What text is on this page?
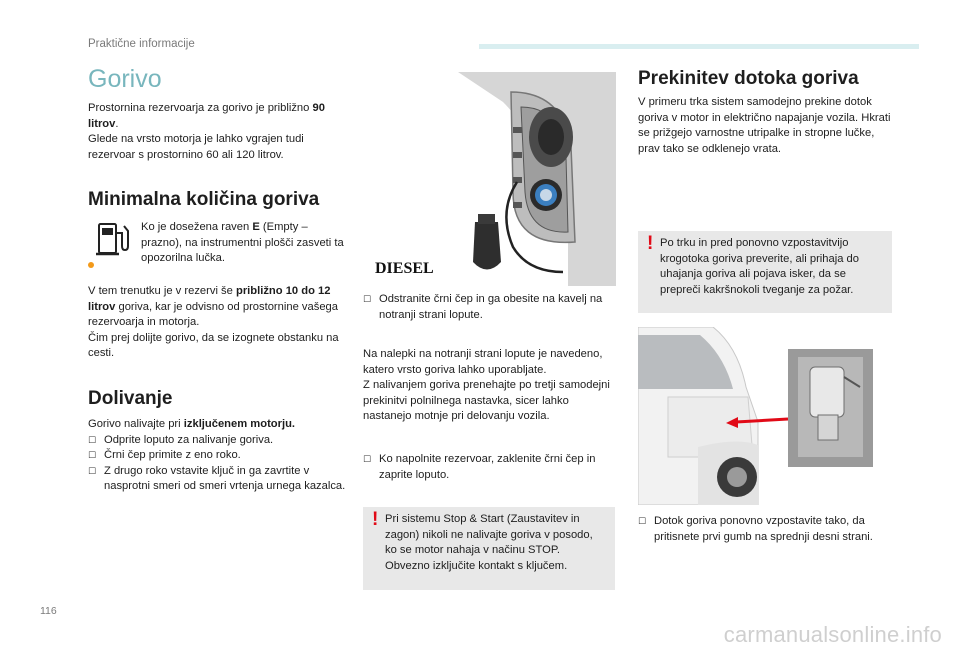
Praktične informacije
Gorivo

Prostornina rezervoarja za gorivo je približno 90 litrov.
Glede na vrsto motorja je lahko vgrajen tudi rezervoar s prostornino 60 ali 120 litrov.

Minimalna količina goriva

Ko je dosežena raven E (Empty – prazno), na instrumentni plošči zasveti ta opozorilna lučka.

V tem trenutku je v rezervi še približno 10 do 12 litrov goriva, kar je odvisno od prostornine vašega rezervoarja in motorja.
Čim prej dolijte gorivo, da se izognete obstanku na cesti.

Dolivanje

Gorivo nalivajte pri izključenem motorju.

☐ Odprite loputo za nalivanje goriva.
☐ Črni čep primite z eno roko.
☐ Z drugo roko vstavite ključ in ga zavrtite v nasprotni smeri od smeri vrtenja urnega kazalca.
DIESEL
☐ Odstranite črni čep in ga obesite na kavelj na notranji strani lopute.

Na nalepki na notranji strani lopute je navedeno, katero vrsto goriva lahko uporabljate.
Z nalivanjem goriva prenehajte po tretji samodejni prekinitvi polnilnega nastavka, sicer lahko nastanejo motnje pri delovanju vozila.

☐ Ko napolnite rezervoar, zaklenite črni čep in zaprite loputo.
! Pri sistemu Stop & Start (Zaustavitev in zagon) nikoli ne nalivajte goriva v posodo, ko se motor nahaja v načinu STOP. Obvezno izključite kontakt s ključem.

Prekinitev dotoka goriva

V primeru trka sistem samodejno prekine dotok goriva v motor in električno napajanje vozila. Hkrati se prižgejo varnostne utripalke in stropne lučke, prav tako se odklenejo vrata.

! Po trku in pred ponovno vzpostavitvijo krogotoka goriva preverite, ali prihaja do uhajanja goriva ali pojava isker, da se prepreči kakršnokoli tveganje za požar.

☐ Dotok goriva ponovno vzpostavite tako, da pritisnete prvi gumb na sprednji desni strani.
116
carmanualsonline.info
